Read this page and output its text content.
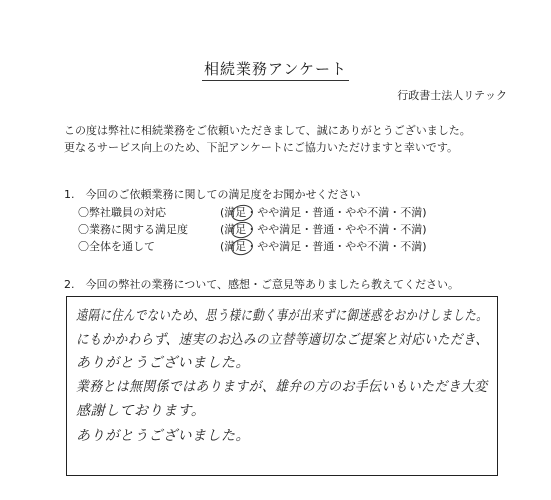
相続業務アンケート
行政書士法人リテック
この度は弊社に相続業務をご依頼いただきまして、誠にありがとうございました。
更なるサービス向上のため、下記アンケートにご協力いただけますと幸いです。
1.　今回のご依頼業務に関しての満足度をお聞かせください
〇弊社職員の対応	(満足・やや満足・普通・やや不満・不満)
〇業務に関する満足度	(満足・やや満足・普通・やや不満・不満)
〇全体を通して	(満足・やや満足・普通・やや不満・不満)
2.　今回の弊社の業務について、感想・ご意見等ありましたら教えてください。
遠隔に住んでないため、思う様に動く事が出来ずに御迷惑をおかけしました。
にもかかわらず、速実のお込みの立替等適切なご提案と対応いただき、
ありがとうございました。
業務とは無関係ではありますが、雄弁の方のお手伝いもいただき大変
感謝しております。
ありがとうございました。
